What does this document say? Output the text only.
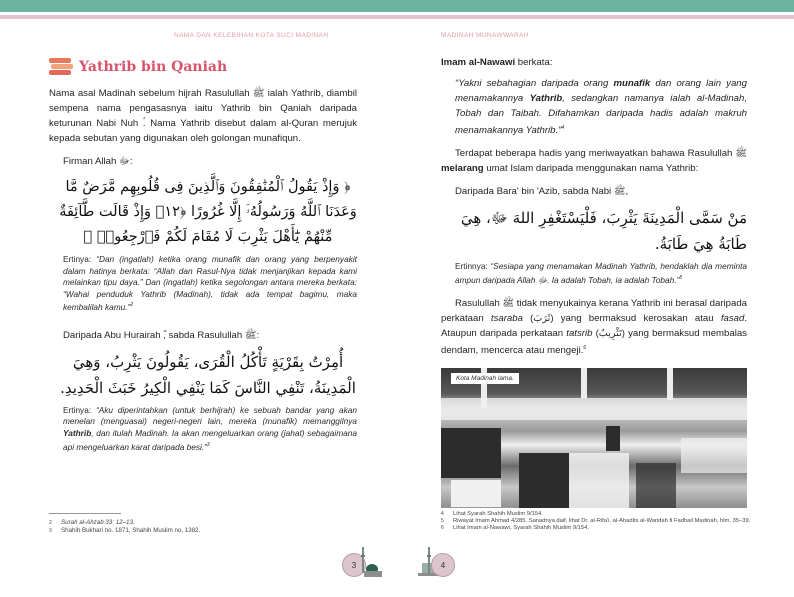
NAMA DAN KELEBIHAN KOTA SUCI MADINAH	MADINAH MUNAWWARAH
Yathrib bin Qaniah

Nama asal Madinah sebelum hijrah Rasulullah ﷺ ialah Yathrib, diambil sempena nama pengasasnya iaitu Yathrib bin Qaniah daripada keturunan Nabi Nuh ؑ. Nama Yathrib disebut dalam al-Quran merujuk kepada sebutan yang digunakan oleh golongan munafiqun.

Firman Allah ﷻ:

﴿ وَإِذْ يَقُولُ ٱلْمُنَٰفِقُونَ وَٱلَّذِينَ فِى قُلُوبِهِم مَّرَضٌ مَّا وَعَدَنَا ٱللَّهُ وَرَسُولُهُۥٓ إِلَّا غُرُورًا ﴿١٢﴾ وَإِذْ قَالَت طَّآئِفَةٌ مِّنْهُمْ يَٰٓأَهْلَ يَثْرِبَ لَا مُقَامَ لَكُمْ فَٱرْجِعُوا۟ ﴾

Ertinya: “Dan (ingatlah) ketika orang munafik dan orang yang berpenyakit dalam hatinya berkata: “Allah dan Rasul-Nya tidak menjanjikan kepada kami melainkan tipu daya.” Dan (ingatlah) ketika segolongan antara mereka berkata: “Wahai penduduk Yathrib (Madinah), tidak ada tempat bagimu, maka kembalilah kamu.”$^2$

Daripada Abu Hurairah ؓ, sabda Rasulullah ﷺ:

أُمِرْتُ بِقَرْيَةٍ تَأْكُلُ الْقُرَى، يَقُولُونَ يَثْرِبُ، وَهِيَ الْمَدِينَةُ، تَنْفِي النَّاسَ كَمَا يَنْفِي الْكِيرُ خَبَثَ الْحَدِيدِ.

Ertinya: “Aku diperintahkan (untuk berhijrah) ke sebuah bandar yang akan menelan (menguasai) negeri-negeri lain, mereka (munafik) memanggilnya Yathrib, dan itulah Madinah. Ia akan mengeluarkan orang (jahat) sebagaimana api mengeluarkan karat daripada besi.”$^3$

2	Surah al-Ahzab 33: 12–13.
3	Shahih Bukhari no. 1871, Shahih Muslim no. 1382.
3

Imam al-Nawawi berkata:

“Yakni sebahagian daripada orang munafik dan orang lain yang menamakannya Yathrib, sedangkan namanya ialah al-Madinah, Tobah dan Taibah. Difahamkan daripada hadis adalah makruh menamakannya Yathrib.”$^4$

Terdapat beberapa hadis yang meriwayatkan bahawa Rasulullah ﷺ melarang umat Islam daripada menggunakan nama Yathrib:

Daripada Bara' bin 'Azib, sabda Nabi ﷺ,

مَنْ سَمَّى الْمَدِينَةَ يَثْرِبَ، فَلْيَسْتَغْفِرِ اللهَ ﷻ، هِيَ طَابَةُ هِيَ طَابَةُ.

Ertinnya: “Sesiapa yang menamakan Madinah Yathrib, hendaklah dia meminta ampun daripada Allah ﷻ. Ia adalah Tobah, ia adalah Tobah.”$^5$

Rasulullah ﷺ tidak menyukainya kerana Yathrib ini berasal daripada perkataan tsaraba (ثَرَبَ) yang bermaksud kerosakan atau fasad. Ataupun daripada perkataan tatsrib (تَثْرِيبٌ) yang bermaksud membalas dendam, mencerca atau mengeji.$^6$

Kota Madinah lama.
4	Lihat Syarah Shahih Muslim 9/154.
5	Riwayat Imam Ahmad 4/285. Sanadnya daif, lihat Dr. al-Rifa'i, al-Ahadits al-Waridah fi Fadhail Madinah, hlm. 35–39.
6	Lihat Imam al-Nawawi, Syarah Shahih Muslim 9/154.
4
